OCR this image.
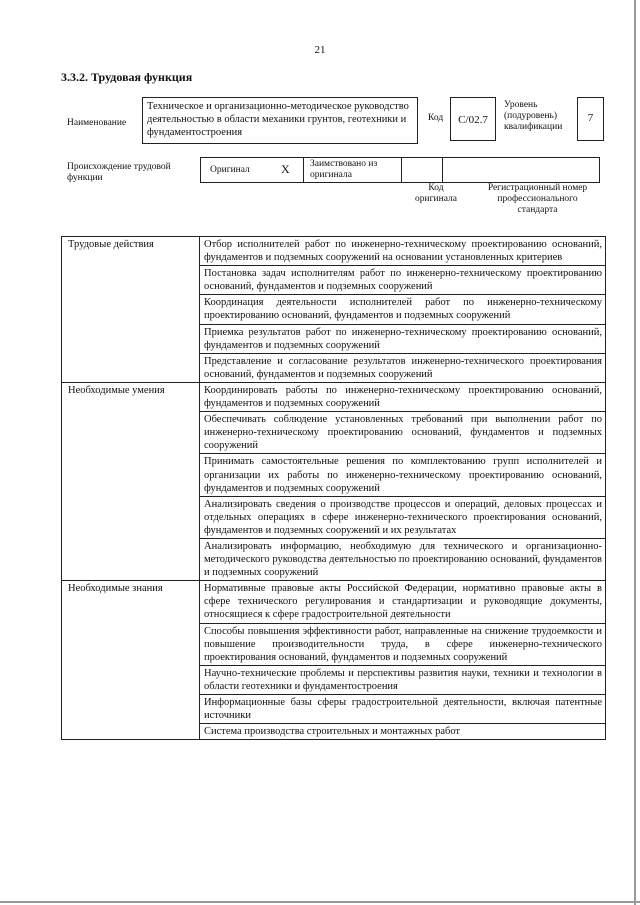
21
3.3.2. Трудовая функция
Наименование
Техническое и организационно-методическое руководство деятельностью в области механики грунтов, геотехники и фундаментостроения
Код	С/02.7
Уровень (подуровень) квалификации
7
Происхождение трудовой функции
Оригинал	X Заимствовано из оригинала
Код оригинала
Регистрационный номер профессионального стандарта
Трудовые действия	Отбор исполнителей работ по инженерно-техническому проектированию оснований, фундаментов и подземных сооружений на основании установленных критериев
	Постановка задач исполнителям работ по инженерно-техническому проектированию оснований, фундаментов и подземных сооружений
	Координация деятельности исполнителей работ по инженерно-техническому проектированию оснований, фундаментов и подземных сооружений
	Приемка результатов работ по инженерно-техническому проектированию оснований, фундаментов и подземных сооружений
	Представление и согласование результатов инженерно-технического проектирования оснований, фундаментов и подземных сооружений
Необходимые умения	Координировать работы по инженерно-техническому проектированию оснований, фундаментов и подземных сооружений
	Обеспечивать соблюдение установленных требований при выполнении работ по инженерно-техническому проектированию оснований, фундаментов и подземных сооружений
	Принимать самостоятельные решения по комплектованию групп исполнителей и организации их работы по инженерно-техническому проектированию оснований, фундаментов и подземных сооружений
	Анализировать сведения о производстве процессов и операций, деловых процессах и отдельных операциях в сфере инженерно-технического проектирования оснований, фундаментов и подземных сооружений и их результатах
	Анализировать информацию, необходимую для технического и организационно-методического руководства деятельностью по проектированию оснований, фундаментов и подземных сооружений
Необходимые знания	Нормативные правовые акты Российской Федерации, нормативно правовые акты в сфере технического регулирования и стандартизации и руководящие документы, относящиеся к сфере градостроительной деятельности
	Способы повышения эффективности работ, направленные на снижение трудоемкости и повышение производительности труда, в сфере инженерно-технического проектирования оснований, фундаментов и подземных сооружений
	Научно-технические проблемы и перспективы развития науки, техники и технологии в области геотехники и фундаментостроения
	Информационные базы сферы градостроительной деятельности, включая патентные источники
	Система производства строительных и монтажных работ
